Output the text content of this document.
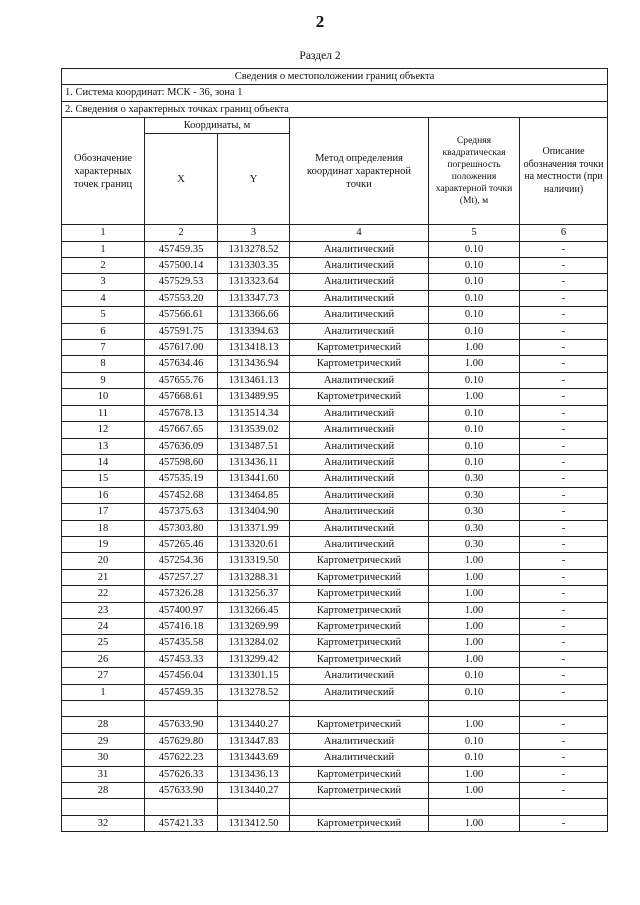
2
Раздел 2
Сведения о местоположении границ объекта					
1. Система координат: МСК - 36, зона 1					
2. Сведения о характерных точках границ объекта					
Обозначение характерных точек границ	Координаты, м		Метод определения координат характерной точки	Средняя квадратическая погрешность положения характерной точки (Mt), м	Описание обозначения точки на местности (при наличии)
	X	Y			
1	2	3	4	5	6
1	457459.35	1313278.52	Аналитический	0.10	-
2	457500.14	1313303.35	Аналитический	0.10	-
3	457529.53	1313323.64	Аналитический	0.10	-
4	457553.20	1313347.73	Аналитический	0.10	-
5	457566.61	1313366.66	Аналитический	0.10	-
6	457591.75	1313394.63	Аналитический	0.10	-
7	457617.00	1313418.13	Картометрический	1.00	-
8	457634.46	1313436.94	Картометрический	1.00	-
9	457655.76	1313461.13	Аналитический	0.10	-
10	457668.61	1313489.95	Картометрический	1.00	-
11	457678.13	1313514.34	Аналитический	0.10	-
12	457667.65	1313539.02	Аналитический	0.10	-
13	457636.09	1313487.51	Аналитический	0.10	-
14	457598.60	1313436.11	Аналитический	0.10	-
15	457535.19	1313441.60	Аналитический	0.30	-
16	457452.68	1313464.85	Аналитический	0.30	-
17	457375.63	1313404.90	Аналитический	0.30	-
18	457303.80	1313371.99	Аналитический	0.30	-
19	457265.46	1313320.61	Аналитический	0.30	-
20	457254.36	1313319.50	Картометрический	1.00	-
21	457257.27	1313288.31	Картометрический	1.00	-
22	457326.28	1313256.37	Картометрический	1.00	-
23	457400.97	1313266.45	Картометрический	1.00	-
24	457416.18	1313269.99	Картометрический	1.00	-
25	457435.58	1313284.02	Картометрический	1.00	-
26	457453.33	1313299.42	Картометрический	1.00	-
27	457456.04	1313301.15	Аналитический	0.10	-
1	457459.35	1313278.52	Аналитический	0.10	-

28	457633.90	1313440.27	Картометрический	1.00	-
29	457629.80	1313447.83	Аналитический	0.10	-
30	457622.23	1313443.69	Аналитический	0.10	-
31	457626.33	1313436.13	Картометрический	1.00	-
28	457633.90	1313440.27	Картометрический	1.00	-

32	457421.33	1313412.50	Картометрический	1.00	-
